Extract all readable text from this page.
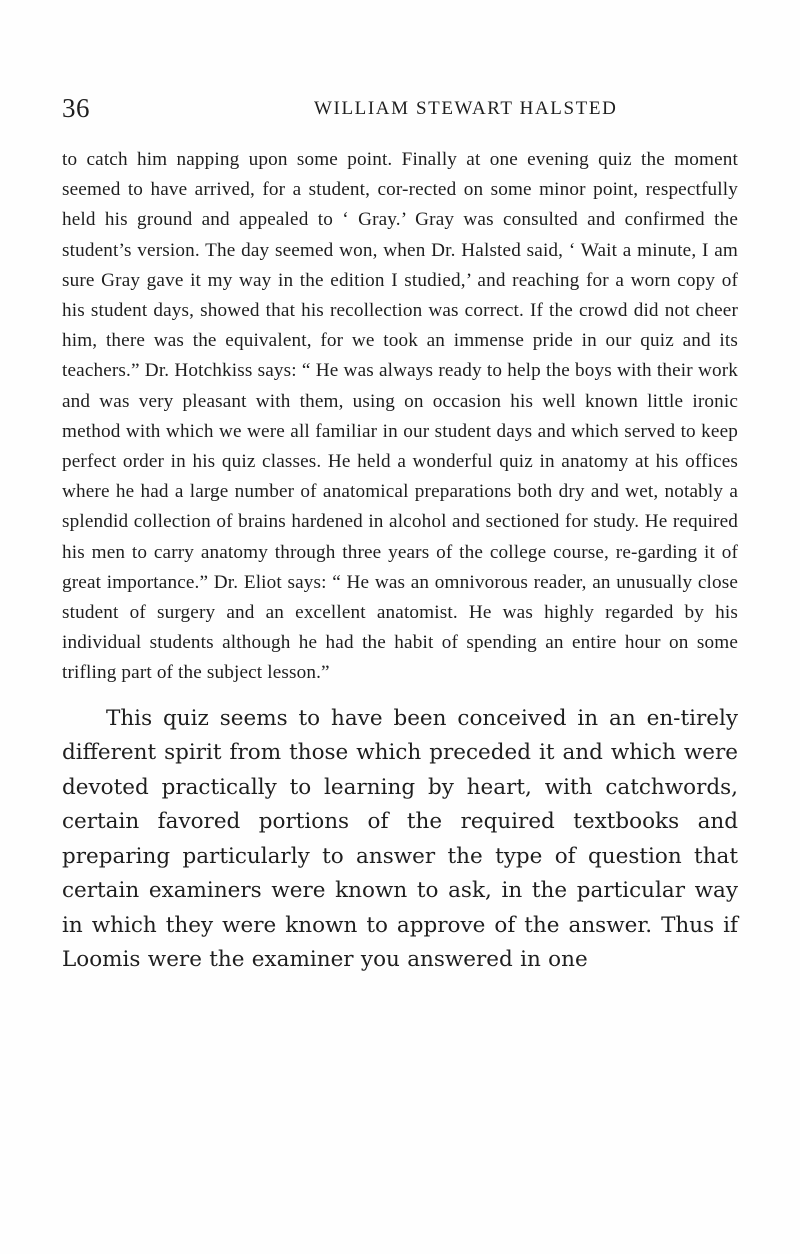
36	WILLIAM STEWART HALSTED

to catch him napping upon some point. Finally at one evening quiz the moment seemed to have arrived, for a student, cor-rected on some minor point, respectfully held his ground and appealed to ‘ Gray.’ Gray was consulted and confirmed the student’s version. The day seemed won, when Dr. Halsted said, ‘ Wait a minute, I am sure Gray gave it my way in the edition I studied,’ and reaching for a worn copy of his student days, showed that his recollection was correct. If the crowd did not cheer him, there was the equivalent, for we took an immense pride in our quiz and its teachers.” Dr. Hotchkiss says: “ He was always ready to help the boys with their work and was very pleasant with them, using on occasion his well known little ironic method with which we were all familiar in our student days and which served to keep perfect order in his quiz classes. He held a wonderful quiz in anatomy at his offices where he had a large number of anatomical preparations both dry and wet, notably a splendid collection of brains hardened in alcohol and sectioned for study. He required his men to carry anatomy through three years of the college course, re-garding it of great importance.” Dr. Eliot says: “ He was an omnivorous reader, an unusually close student of surgery and an excellent anatomist. He was highly regarded by his individual students although he had the habit of spending an entire hour on some trifling part of the subject lesson.”

This quiz seems to have been conceived in an en-tirely different spirit from those which preceded it and which were devoted practically to learning by heart, with catchwords, certain favored portions of the required textbooks and preparing particularly to answer the type of question that certain examiners were known to ask, in the particular way in which they were known to approve of the answer. Thus if Loomis were the examiner you answered in one
